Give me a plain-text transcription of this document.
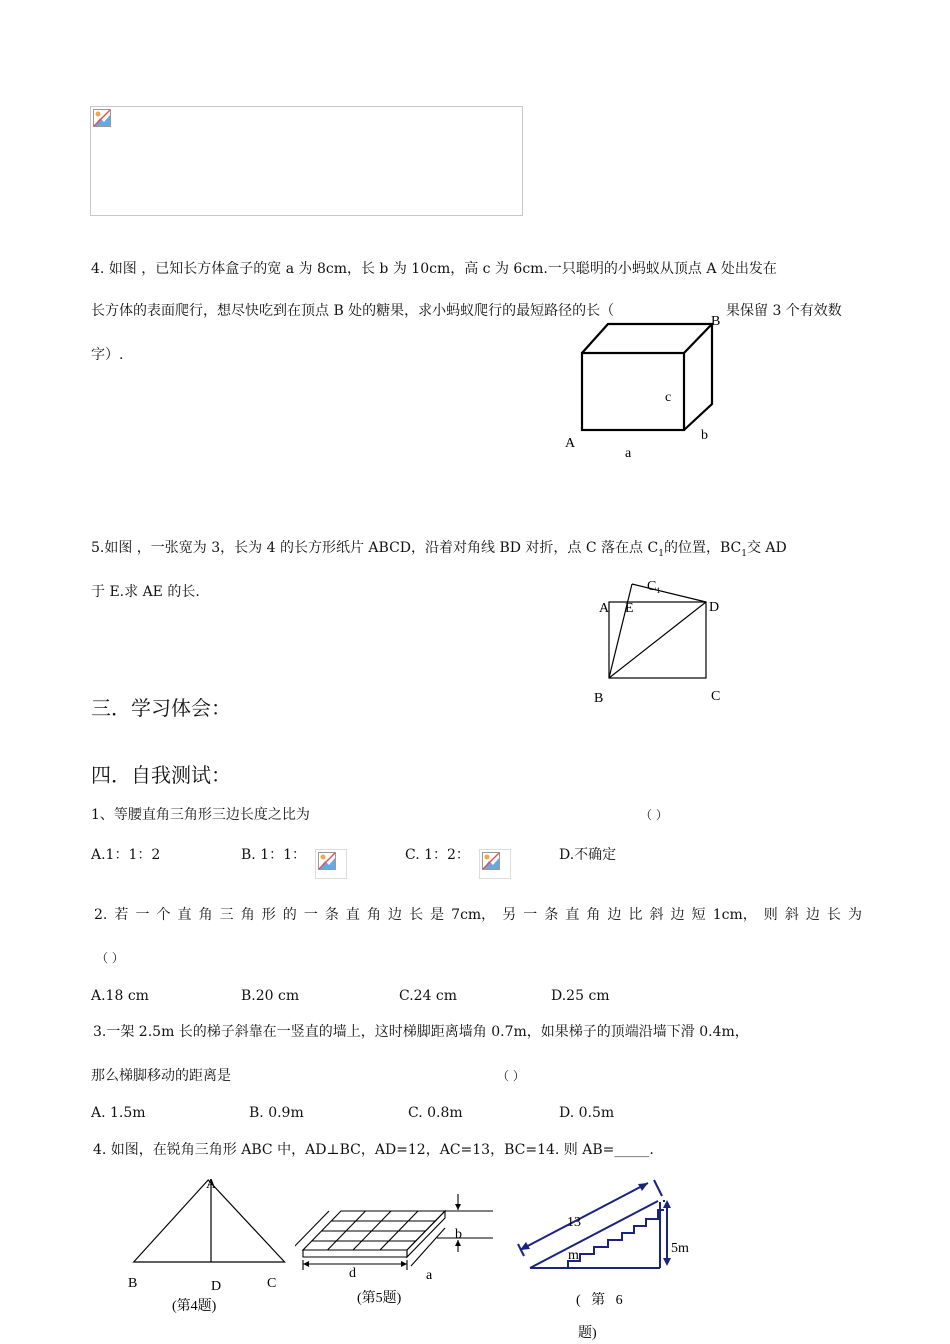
4. 如图 ，已知长方体盒子的宽 a 为 8cm，长 b 为 10cm，高 c 为 6cm.一只聪明的小蚂蚁从顶点 A 处出发在
长方体的表面爬行，想尽快吃到在顶点 B 处的糖果，求小蚂蚁爬行的最短路径的长（	果保留 3 个有效数
字）.
B
c
A
a
b
5.如图 ，一张宽为 3，长为 4 的长方形纸片 ABCD，沿着对角线 BD 对折，点 C 落在点 $C_1$的位置，$BC_1$交 AD
于 E.求 AE 的长.	$C_1$
A E	D
B	C
三．学习体会：
四．自我测试：
1、等腰直角三角形三边长度之比为	（ ）
A.1：1：2	B. 1：1：	C. 1：2：	D.不确定
2. 若 一 个 直 角 三 角 形 的 一 条 直 角 边 长 是 7cm， 另 一 条 直 角 边 比 斜 边 短 1cm， 则 斜 边 长 为
（ ）
A.18 cm	B.20 cm	C.24 cm	D.25 cm
3.一架 2.5m 长的梯子斜靠在一竖直的墙上，这时梯脚距离墙角 0.7m，如果梯子的顶端沿墙下滑 0.4m，
那么梯脚移动的距离是	（ ）
A. 1.5m	B. 0.9m	C. 0.8m	D. 0.5m
4. 如图，在锐角三角形 ABC 中，AD⊥BC，AD=12，AC=13，BC=14. 则 AB=_____.
A
B	D	C
(第4题)
b
d	a
(第5题)
13
m	5m
(   第   6
题)
